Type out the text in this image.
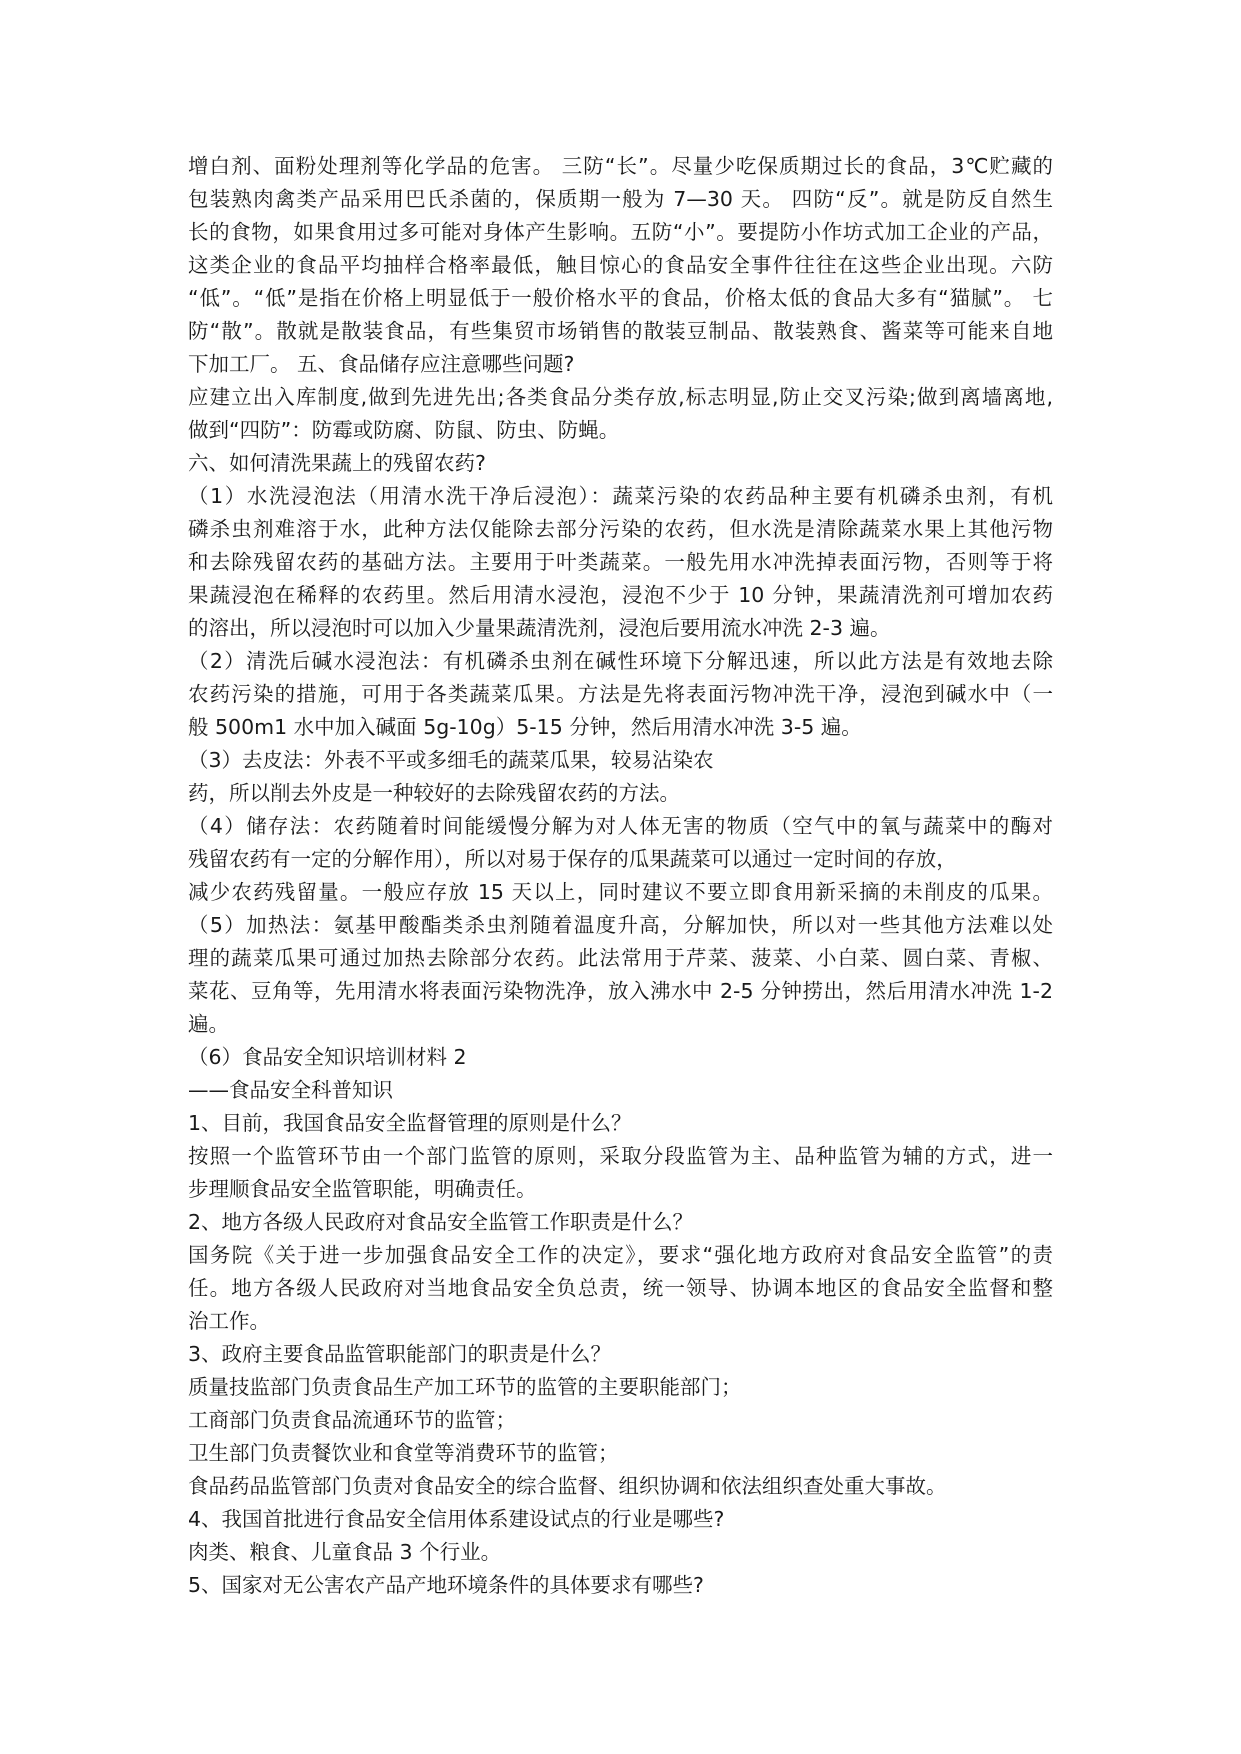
增白剂、面粉处理剂等化学品的危害。 三防“长”。尽量少吃保质期过长的食品，3℃贮藏的
包装熟肉禽类产品采用巴氏杀菌的，保质期一般为 7—30 天。 四防“反”。就是防反自然生
长的食物，如果食用过多可能对身体产生影响。五防“小”。要提防小作坊式加工企业的产品，
这类企业的食品平均抽样合格率最低，触目惊心的食品安全事件往往在这些企业出现。六防
“低”。“低”是指在价格上明显低于一般价格水平的食品，价格太低的食品大多有“猫腻”。 七
防“散”。散就是散装食品，有些集贸市场销售的散装豆制品、散装熟食、酱菜等可能来自地
下加工厂。 五、食品储存应注意哪些问题?
应建立出入库制度,做到先进先出;各类食品分类存放,标志明显,防止交叉污染;做到离墙离地,
做到“四防”：防霉或防腐、防鼠、防虫、防蝇。
六、如何清洗果蔬上的残留农药?
（1）水洗浸泡法（用清水洗干净后浸泡）：蔬菜污染的农药品种主要有机磷杀虫剂，有机
磷杀虫剂难溶于水，此种方法仅能除去部分污染的农药，但水洗是清除蔬菜水果上其他污物
和去除残留农药的基础方法。主要用于叶类蔬菜。一般先用水冲洗掉表面污物，否则等于将
果蔬浸泡在稀释的农药里。然后用清水浸泡，浸泡不少于 10 分钟，果蔬清洗剂可增加农药
的溶出，所以浸泡时可以加入少量果蔬清洗剂，浸泡后要用流水冲洗 2-3 遍。
（2）清洗后碱水浸泡法：有机磷杀虫剂在碱性环境下分解迅速，所以此方法是有效地去除
农药污染的措施，可用于各类蔬菜瓜果。方法是先将表面污物冲洗干净，浸泡到碱水中（一
般 500m1 水中加入碱面 5g-10g）5-15 分钟，然后用清水冲洗 3-5 遍。
（3）去皮法：外表不平或多细毛的蔬菜瓜果，较易沾染农
药，所以削去外皮是一种较好的去除残留农药的方法。
（4）储存法：农药随着时间能缓慢分解为对人体无害的物质（空气中的氧与蔬菜中的酶对
残留农药有一定的分解作用），所以对易于保存的瓜果蔬菜可以通过一定时间的存放，
减少农药残留量。一般应存放 15 天以上，同时建议不要立即食用新采摘的未削皮的瓜果。
（5）加热法：氨基甲酸酯类杀虫剂随着温度升高，分解加快，所以对一些其他方法难以处
理的蔬菜瓜果可通过加热去除部分农药。此法常用于芹菜、菠菜、小白菜、圆白菜、青椒、
菜花、豆角等，先用清水将表面污染物洗净，放入沸水中 2-5 分钟捞出，然后用清水冲洗 1-2
遍。
（6）食品安全知识培训材料 2
——食品安全科普知识
1、目前，我国食品安全监督管理的原则是什么？
按照一个监管环节由一个部门监管的原则，采取分段监管为主、品种监管为辅的方式，进一
步理顺食品安全监管职能，明确责任。
2、地方各级人民政府对食品安全监管工作职责是什么？
国务院《关于进一步加强食品安全工作的决定》，要求“强化地方政府对食品安全监管”的责
任。地方各级人民政府对当地食品安全负总责，统一领导、协调本地区的食品安全监督和整
治工作。
3、政府主要食品监管职能部门的职责是什么？
质量技监部门负责食品生产加工环节的监管的主要职能部门；
工商部门负责食品流通环节的监管；
卫生部门负责餐饮业和食堂等消费环节的监管；
食品药品监管部门负责对食品安全的综合监督、组织协调和依法组织查处重大事故。
4、我国首批进行食品安全信用体系建设试点的行业是哪些?
肉类、粮食、儿童食品 3 个行业。
5、国家对无公害农产品产地环境条件的具体要求有哪些?
